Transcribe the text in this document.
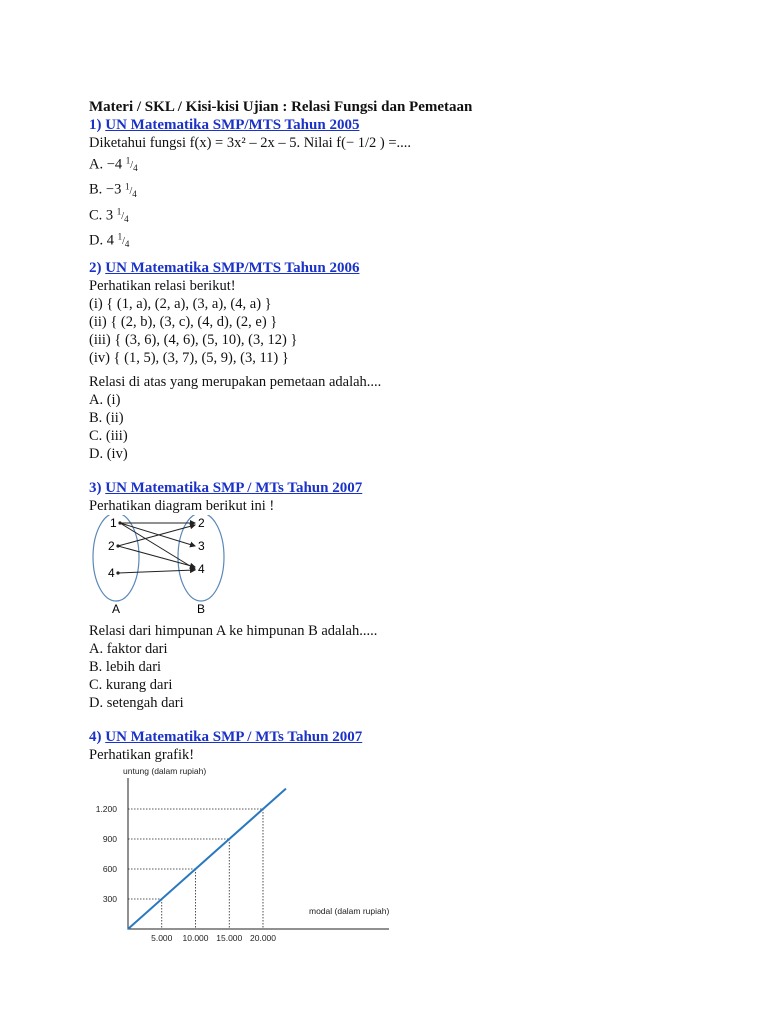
Materi / SKL / Kisi-kisi Ujian : Relasi Fungsi dan Pemetaan

1) UN Matematika SMP/MTS Tahun 2005

Diketahui fungsi f(x) = 3x² – 2x – 5. Nilai f(− 1/2 ) =....

A. −4 $^1/_4$

B. −3 $^1/_4$

C. 3 $^1/_4$

D. 4 $^1/_4$

2) UN Matematika SMP/MTS Tahun 2006

Perhatikan relasi berikut!

(i) { (1, a), (2, a), (3, a), (4, a) }

(ii) { (2, b), (3, c), (4, d), (2, e) }

(iii) { (3, 6), (4, 6), (5, 10), (3, 12) }

(iv) { (1, 5), (3, 7), (5, 9), (3, 11) }

Relasi di atas yang merupakan pemetaan adalah....

A. (i)

B. (ii)

C. (iii)

D. (iv)

3) UN Matematika SMP / MTs Tahun 2007

Perhatikan diagram berikut ini !

1
2
4
2
3
4
A	B

Relasi dari himpunan A ke himpunan B adalah.....

A. faktor dari

B. lebih dari

C. kurang dari

D. setengah dari

4) UN Matematika SMP / MTs Tahun 2007

Perhatikan grafik!

untung (dalam rupiah)
modal (dalam rupiah)
5.000
300
10.000
600
15.000
900
20.000
1.200
